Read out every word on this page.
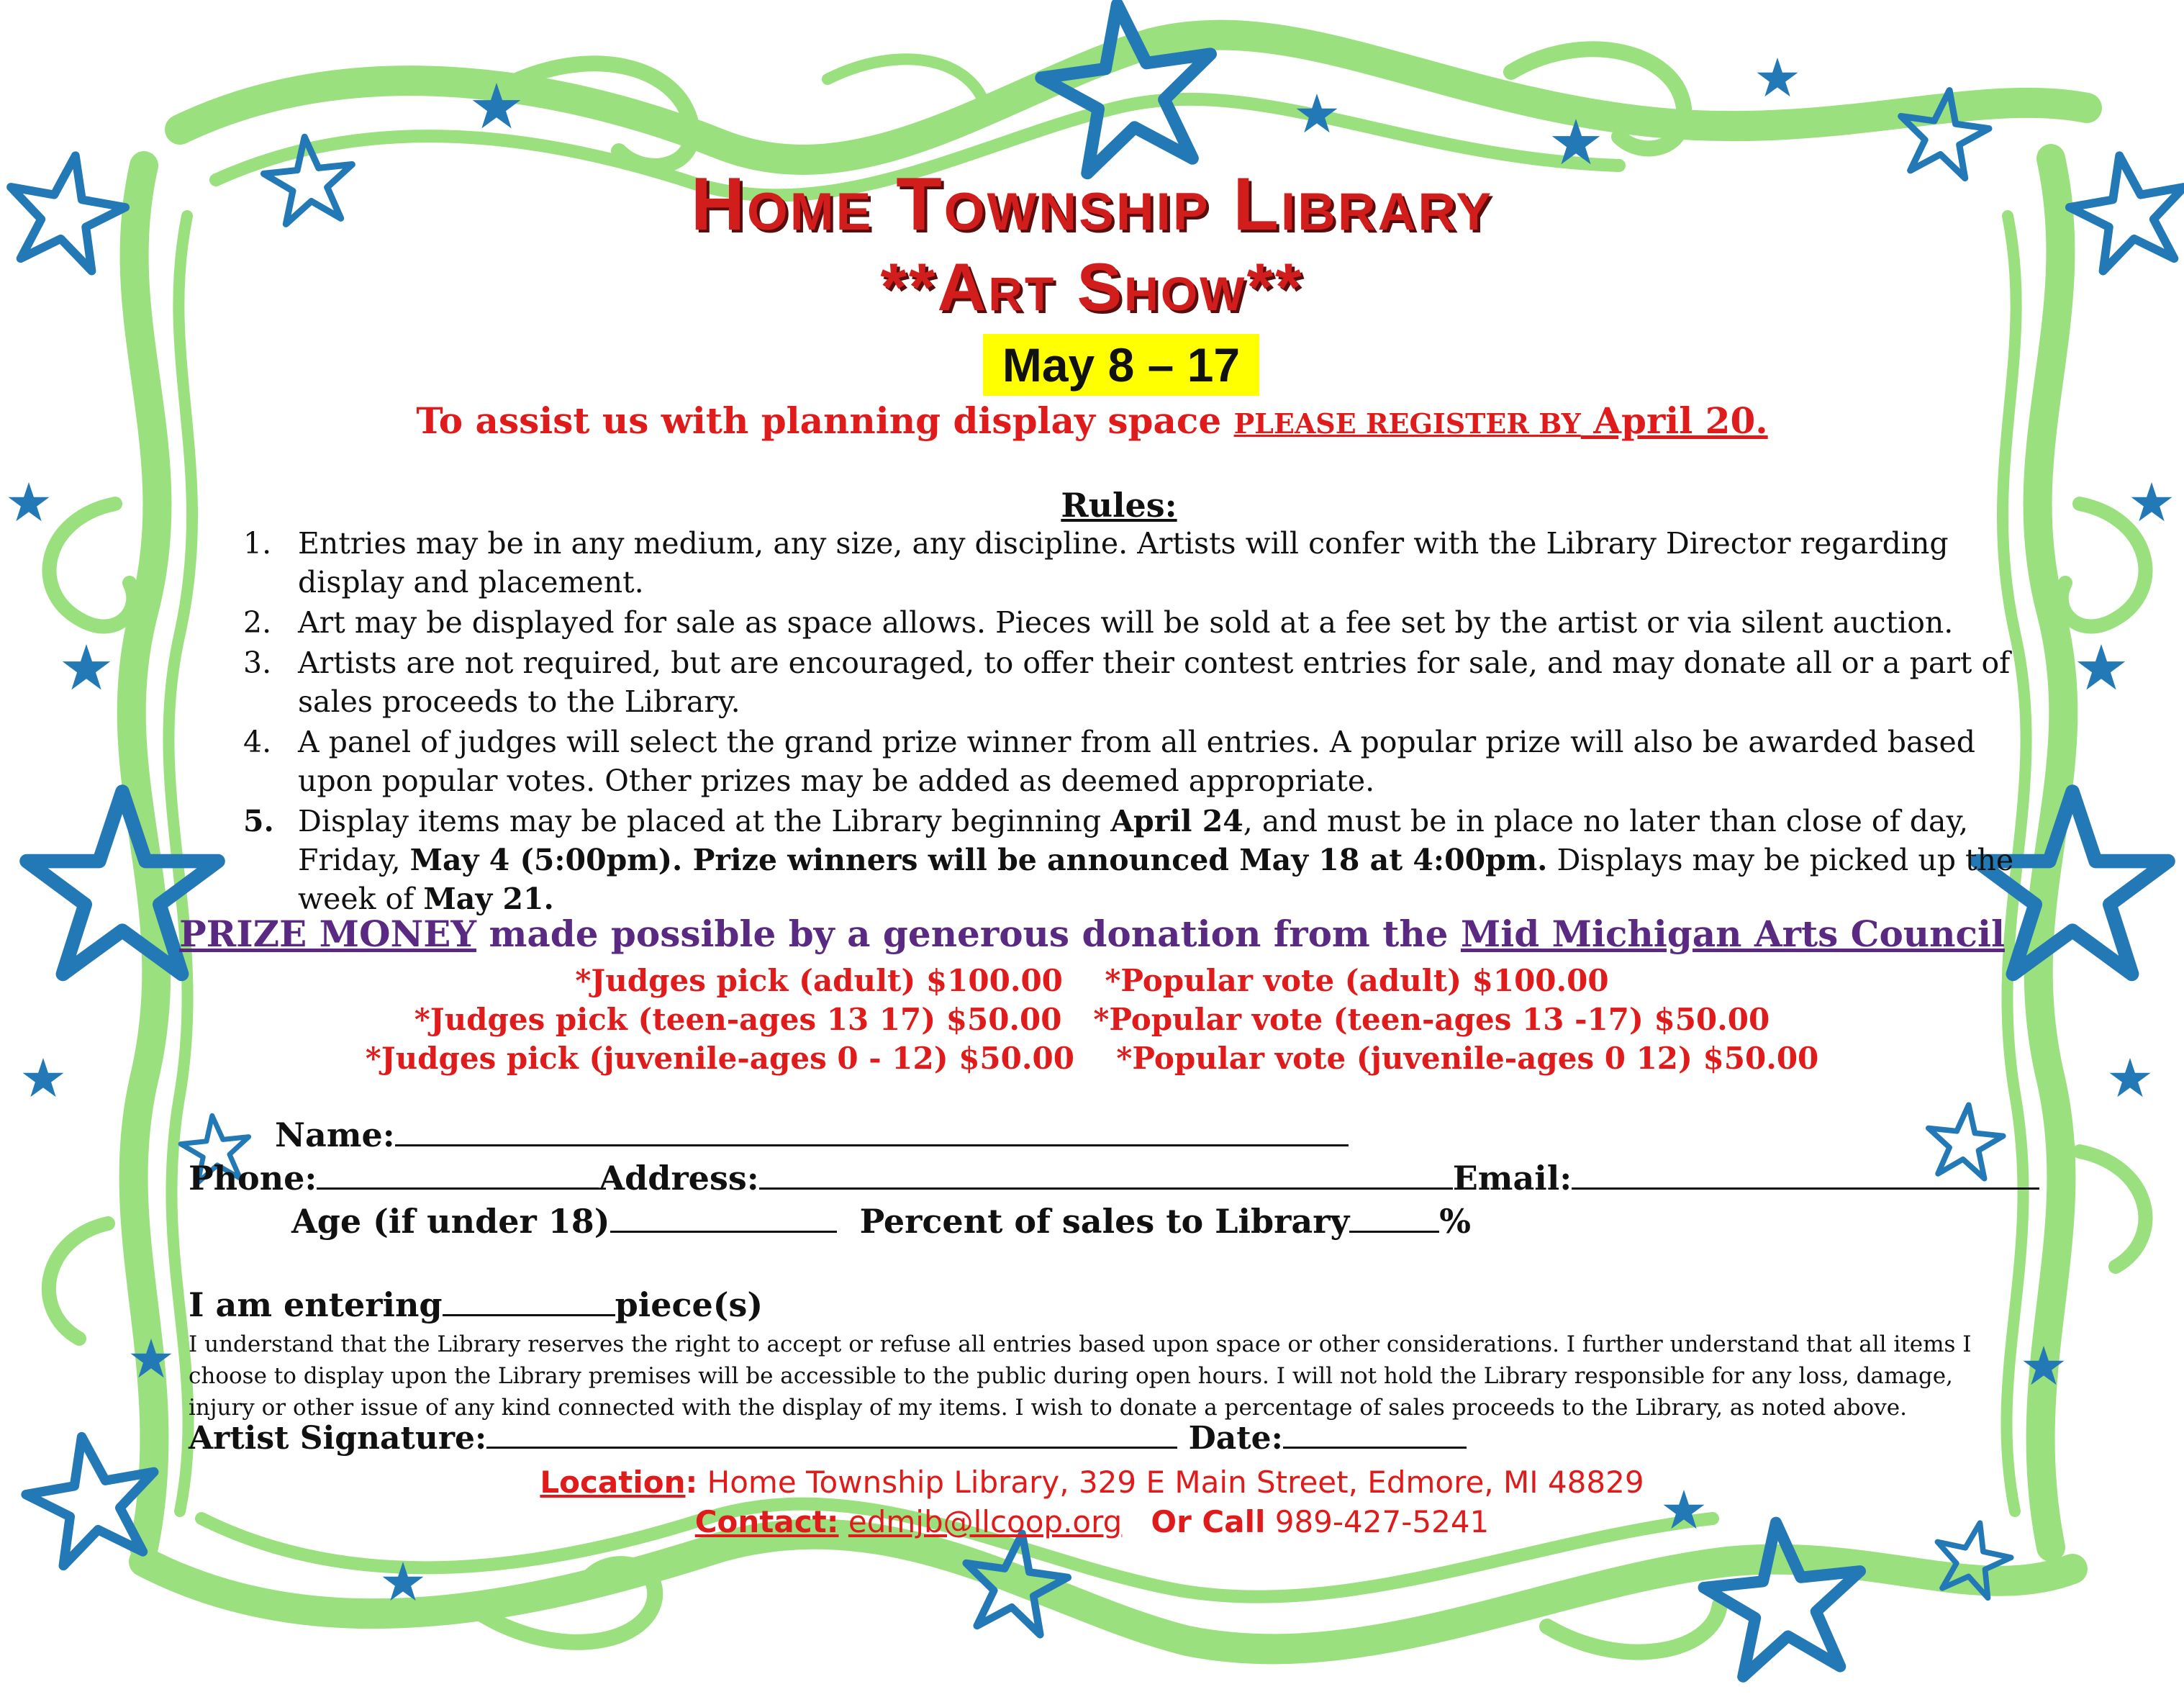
Home Township Library
**Art Show**
May 8 – 17
To assist us with planning display space PLEASE REGISTER BY April 20.
Rules:
1. Entries may be in any medium, any size, any discipline. Artists will confer with the Library Director regarding display and placement.
2. Art may be displayed for sale as space allows. Pieces will be sold at a fee set by the artist or via silent auction.
3. Artists are not required, but are encouraged, to offer their contest entries for sale, and may donate all or a part of sales proceeds to the Library.
4. A panel of judges will select the grand prize winner from all entries. A popular prize will also be awarded based upon popular votes. Other prizes may be added as deemed appropriate.
5. Display items may be placed at the Library beginning April 24, and must be in place no later than close of day, Friday, May 4 (5:00pm). Prize winners will be announced May 18 at 4:00pm. Displays may be picked up the week of May 21.
PRIZE MONEY made possible by a generous donation from the Mid Michigan Arts Council
*Judges pick (adult) $100.00    *Popular vote (adult) $100.00
*Judges pick (teen-ages 13 17) $50.00   *Popular vote (teen-ages 13 -17) $50.00
*Judges pick (juvenile-ages 0 - 12) $50.00    *Popular vote (juvenile-ages 0 12) $50.00
Name:
Phone:	Address:	Email:
Age (if under 18)	Percent of sales to Library	%
I am entering	piece(s)
I understand that the Library reserves the right to accept or refuse all entries based upon space or other considerations. I further understand that all items I choose to display upon the Library premises will be accessible to the public during open hours. I will not hold the Library responsible for any loss, damage, injury or other issue of any kind connected with the display of my items. I wish to donate a percentage of sales proceeds to the Library, as noted above.
Artist Signature:	Date:
Location: Home Township Library, 329 E Main Street, Edmore, MI 48829
Contact: edmjb@llcoop.org Or Call 989-427-5241
